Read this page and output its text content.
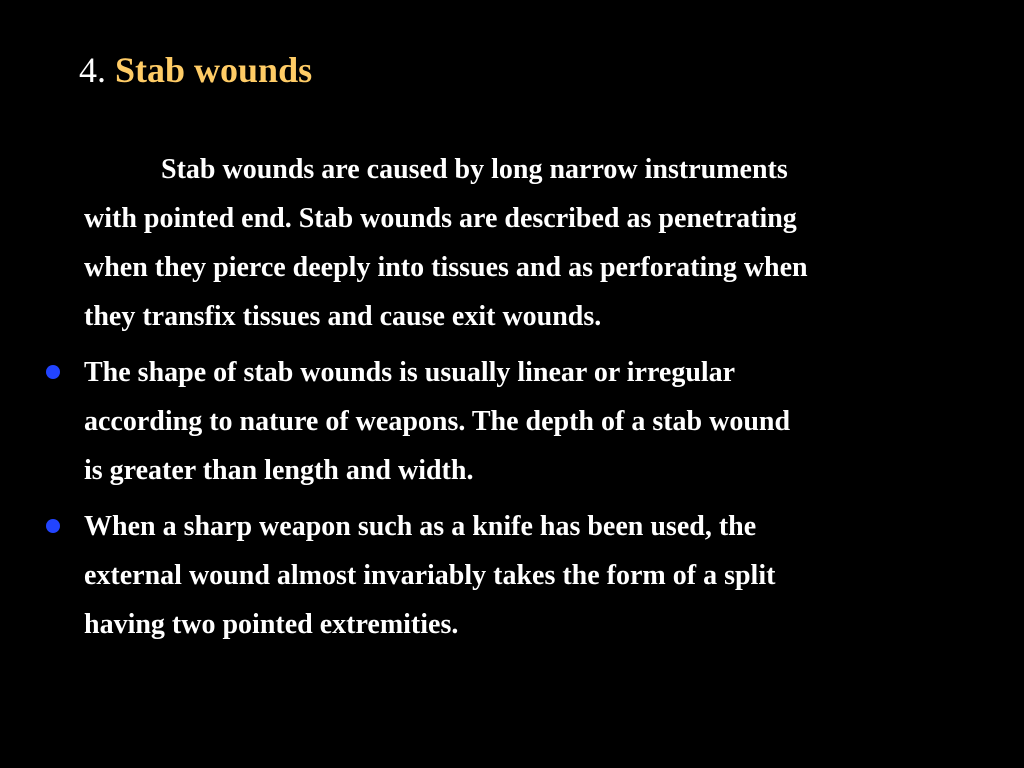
4. Stab wounds
Stab wounds are caused by long narrow instruments
with pointed end. Stab wounds are described as penetrating
when they pierce deeply into tissues and as perforating when
they transfix tissues and cause exit wounds.
The shape of stab wounds is usually linear or irregular
according to nature of weapons. The depth of a stab wound
is greater than length and width.
When a sharp weapon such as a knife has been used, the
external wound almost invariably takes the form of a split
having two pointed extremities.
